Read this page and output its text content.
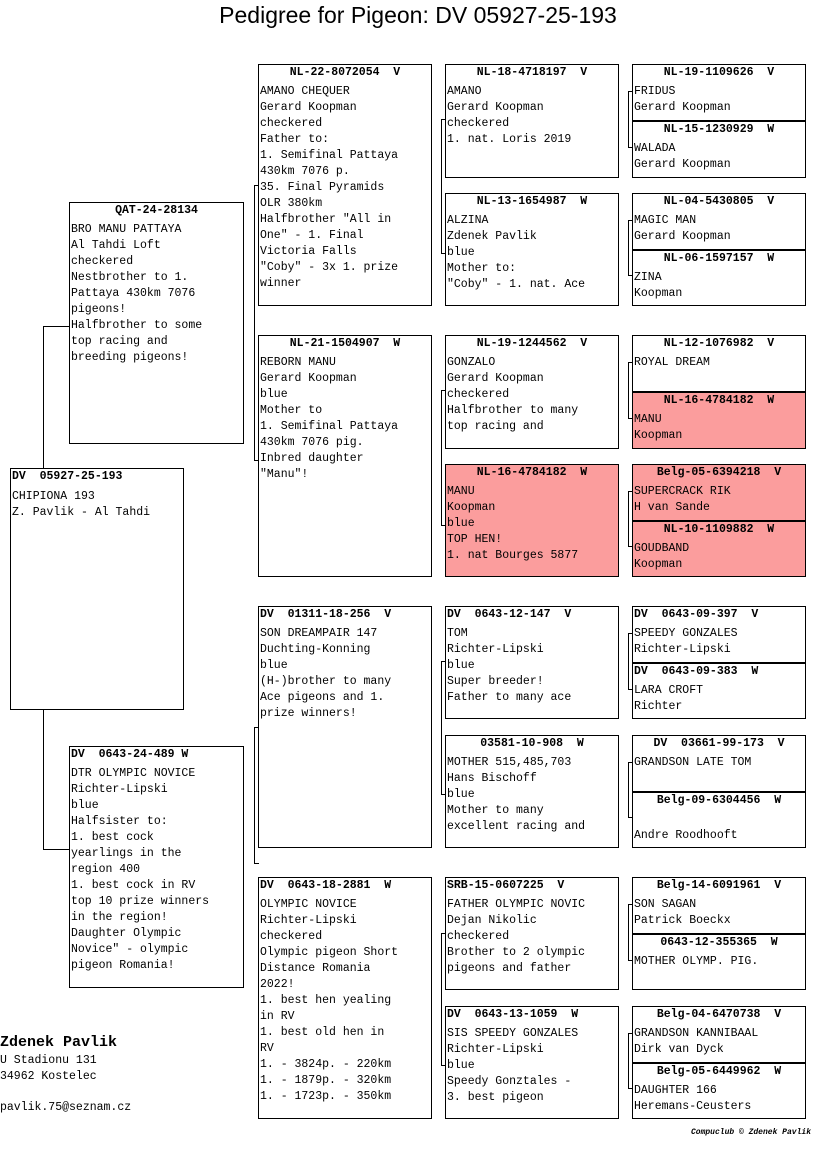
Pedigree for Pigeon: DV 05927-25-193
DV  05927-25-193
CHIPIONA 193
Z. Pavlik - Al Tahdi
QAT-24-28134
BRO MANU PATTAYA
Al Tahdi Loft
checkered
Nestbrother to 1.
Pattaya 430km 7076
pigeons!
Halfbrother to some
top racing and
breeding pigeons!
DV  0643-24-489 W
DTR OLYMPIC NOVICE
Richter-Lipski
blue
Halfsister to:
1. best cock
yearlings in the
region 400
1. best cock in RV
top 10 prize winners
in the region!
Daughter Olympic
Novice" - olympic
pigeon Romania!
NL-22-8072054  V
AMANO CHEQUER
Gerard Koopman
checkered
Father to:
1. Semifinal Pattaya
430km 7076 p.
35. Final Pyramids
OLR 380km
Halfbrother "All in
One" - 1. Final
Victoria Falls
"Coby" - 3x 1. prize
winner
NL-21-1504907  W
REBORN MANU
Gerard Koopman
blue
Mother to
1. Semifinal Pattaya
430km 7076 pig.
Inbred daughter
"Manu"!
DV  01311-18-256  V
SON DREAMPAIR 147
Duchting-Konning
blue
(H-)brother to many
Ace pigeons and 1.
prize winners!
DV  0643-18-2881  W
OLYMPIC NOVICE
Richter-Lipski
checkered
Olympic pigeon Short
Distance Romania
2022!
1. best hen yealing
in RV
1. best old hen in
RV
1. - 3824p. - 220km
1. - 1879p. - 320km
1. - 1723p. - 350km
NL-18-4718197  V
AMANO
Gerard Koopman
checkered
1. nat. Loris 2019
NL-13-1654987  W
ALZINA
Zdenek Pavlik
blue
Mother to:
"Coby" - 1. nat. Ace
NL-19-1244562  V
GONZALO
Gerard Koopman
checkered
Halfbrother to many
top racing and
NL-16-4784182  W
MANU
Koopman
blue
TOP HEN!
1. nat Bourges 5877
DV  0643-12-147  V
TOM
Richter-Lipski
blue
Super breeder!
Father to many ace
03581-10-908  W
MOTHER 515,485,703
Hans Bischoff
blue
Mother to many
excellent racing and
SRB-15-0607225  V
FATHER OLYMPIC NOVIC
Dejan Nikolic
checkered
Brother to 2 olympic
pigeons and father
DV  0643-13-1059  W
SIS SPEEDY GONZALES
Richter-Lipski
blue
Speedy Gonztales -
3. best pigeon
NL-19-1109626  V
FRIDUS
Gerard Koopman
NL-15-1230929  W
WALADA
Gerard Koopman
NL-04-5430805  V
MAGIC MAN
Gerard Koopman
NL-06-1597157  W
ZINA
Koopman
NL-12-1076982  V
ROYAL DREAM
NL-16-4784182  W
MANU
Koopman
Belg-05-6394218  V
SUPERCRACK RIK
H van Sande
NL-10-1109882  W
GOUDBAND
Koopman
DV  0643-09-397  V
SPEEDY GONZALES
Richter-Lipski
DV  0643-09-383  W
LARA CROFT
Richter
DV  03661-99-173  V
GRANDSON LATE TOM
Belg-09-6304456  W

Andre Roodhooft
Belg-14-6091961  V
SON SAGAN
Patrick Boeckx
0643-12-355365  W
MOTHER OLYMP. PIG.
Belg-04-6470738  V
GRANDSON KANNIBAAL
Dirk van Dyck
Belg-05-6449962  W
DAUGHTER 166
Heremans-Ceusters
Zdenek Pavlik
U Stadionu 131
34962 Kostelec
pavlik.75@seznam.cz
Compuclub © Zdenek Pavlik
